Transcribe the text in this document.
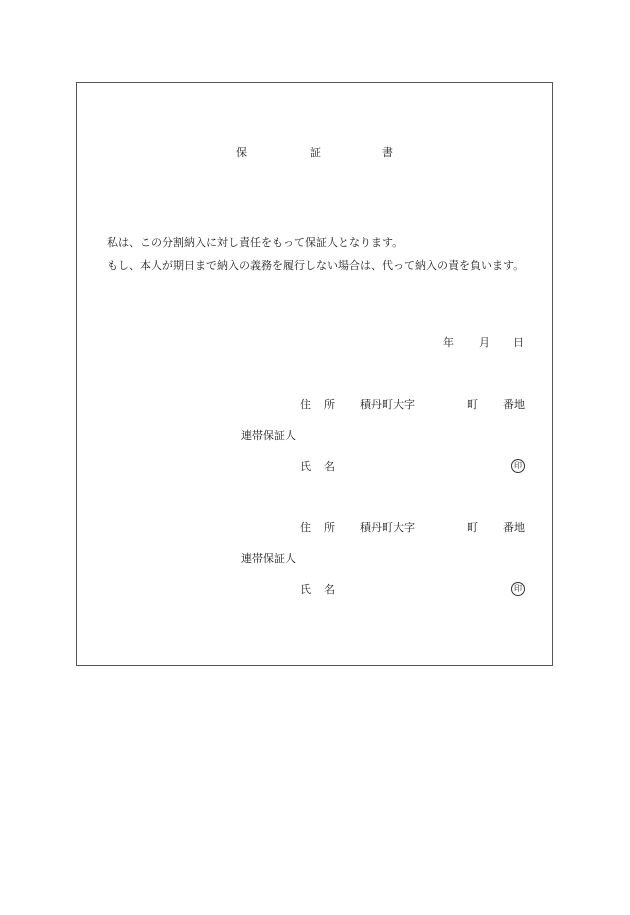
保	証	書
私は、この分割納入に対し責任をもって保証人となります。
もし、本人が期日まで納入の義務を履行しない場合は、代って納入の責を負います。
年 月 日
住 所 積丹町大字	町 番地
連帯保証人
氏 名	印
住 所 積丹町大字	町 番地
連帯保証人
氏 名	印
